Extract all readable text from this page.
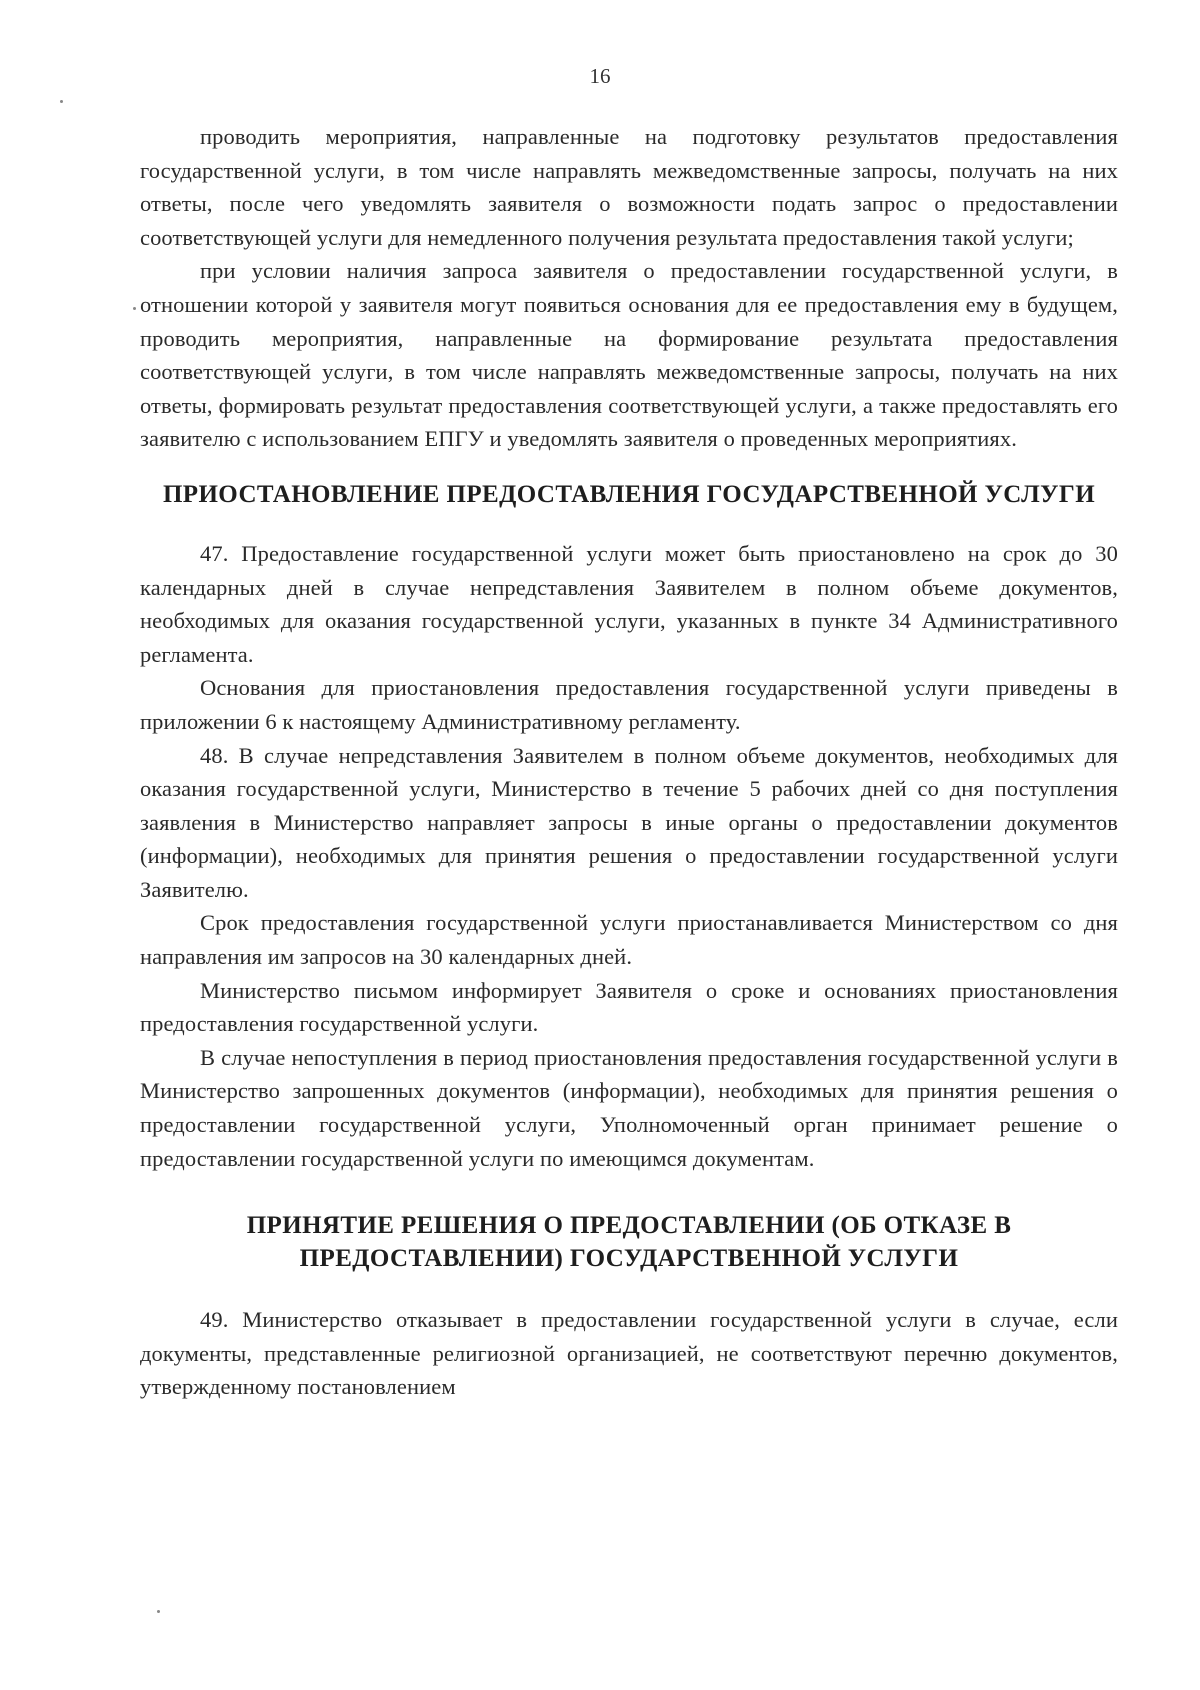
16

проводить мероприятия, направленные на подготовку результатов предоставления государственной услуги, в том числе направлять межведомственные запросы, получать на них ответы, после чего уведомлять заявителя о возможности подать запрос о предоставлении соответствующей услуги для немедленного получения результата предоставления такой услуги;

при условии наличия запроса заявителя о предоставлении государственной услуги, в отношении которой у заявителя могут появиться основания для ее предоставления ему в будущем, проводить мероприятия, направленные на формирование результата предоставления соответствующей услуги, в том числе направлять межведомственные запросы, получать на них ответы, формировать результат предоставления соответствующей услуги, а также предоставлять его заявителю с использованием ЕПГУ и уведомлять заявителя о проведенных мероприятиях.

ПРИОСТАНОВЛЕНИЕ ПРЕДОСТАВЛЕНИЯ ГОСУДАРСТВЕННОЙ УСЛУГИ

47. Предоставление государственной услуги может быть приостановлено на срок до 30 календарных дней в случае непредставления Заявителем в полном объеме документов, необходимых для оказания государственной услуги, указанных в пункте 34 Административного регламента.

Основания для приостановления предоставления государственной услуги приведены в приложении 6 к настоящему Административному регламенту.

48. В случае непредставления Заявителем в полном объеме документов, необходимых для оказания государственной услуги, Министерство в течение 5 рабочих дней со дня поступления заявления в Министерство направляет запросы в иные органы о предоставлении документов (информации), необходимых для принятия решения о предоставлении государственной услуги Заявителю.

Срок предоставления государственной услуги приостанавливается Министерством со дня направления им запросов на 30 календарных дней.

Министерство письмом информирует Заявителя о сроке и основаниях приостановления предоставления государственной услуги.

В случае непоступления в период приостановления предоставления государственной услуги в Министерство запрошенных документов (информации), необходимых для принятия решения о предоставлении государственной услуги, Уполномоченный орган принимает решение о предоставлении государственной услуги по имеющимся документам.

ПРИНЯТИЕ РЕШЕНИЯ О ПРЕДОСТАВЛЕНИИ (ОБ ОТКАЗЕ В ПРЕДОСТАВЛЕНИИ) ГОСУДАРСТВЕННОЙ УСЛУГИ

49. Министерство отказывает в предоставлении государственной услуги в случае, если документы, представленные религиозной организацией, не соответствуют перечню документов, утвержденному постановлением
